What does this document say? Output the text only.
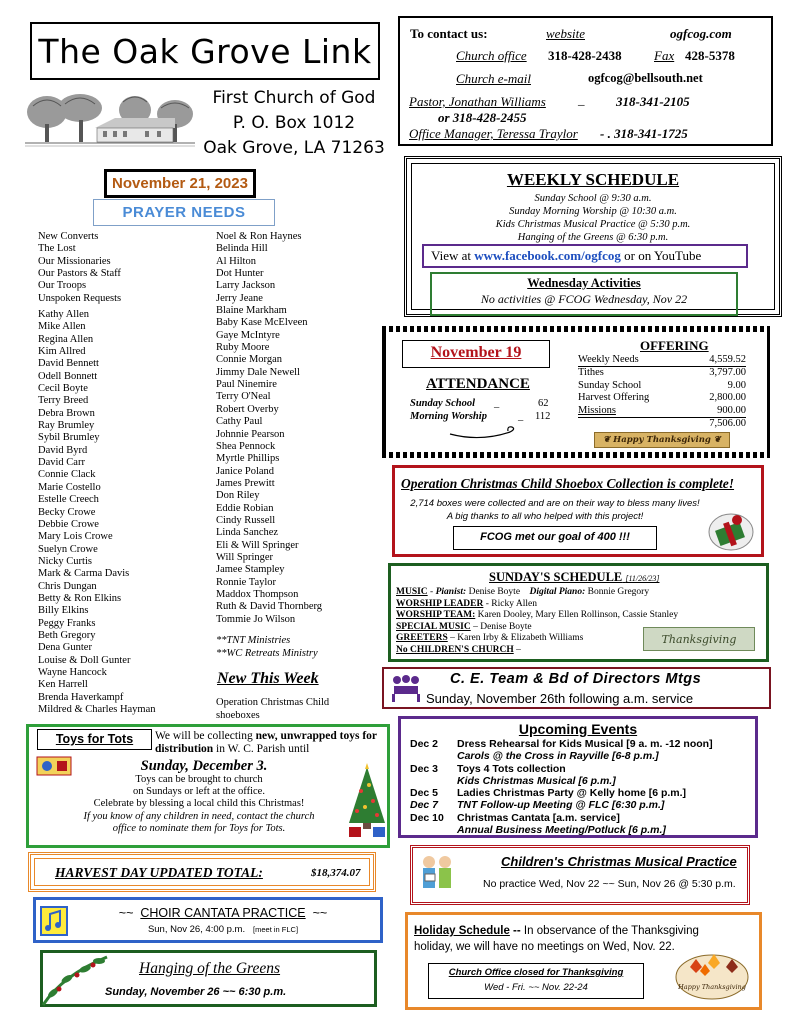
The Oak Grove Link
First Church of God
P. O. Box 1012
Oak Grove, LA 71263
To contact us:	website	ogfcog.com
Church office 318-428-2438 Fax 428-5378
Church e-mail	ogfcog@bellsouth.net
Pastor, Jonathan Williams _ 318-341-2105
or 318-428-2455
Office Manager, Teressa Traylor - . 318-341-1725
November 21, 2023
PRAYER NEEDS
New Converts
The Lost
Our Missionaries
Our Pastors & Staff
Our Troops
Unspoken Requests
Kathy Allen
Mike Allen
Regina Allen
Kim Allred
David Bennett
Odell Bonnett
Cecil Boyte
Terry Breed
Debra Brown
Ray Brumley
Sybil Brumley
David Byrd
David Carr
Connie Clack
Marie Costello
Estelle Creech
Becky Crowe
Debbie Crowe
Mary Lois Crowe
Suelyn Crowe
Nicky Curtis
Mark & Carma Davis
Chris Dungan
Betty & Ron Elkins
Billy Elkins
Peggy Franks
Beth Gregory
Dena Gunter
Louise & Doll Gunter
Wayne Hancock
Ken Harrell
Brenda Haverkampf
Mildred & Charles Hayman
Noel & Ron Haynes
Belinda Hill
Al Hilton
Dot Hunter
Larry Jackson
Jerry Jeane
Blaine Markham
Baby Kase McElveen
Gaye McIntyre
Ruby Moore
Connie Morgan
Jimmy Dale Newell
Paul Ninemire
Terry O'Neal
Robert Overby
Cathy Paul
Johnnie Pearson
Shea Pennock
Myrtle Phillips
Janice Poland
James Prewitt
Don Riley
Eddie Robian
Cindy Russell
Linda Sanchez
Eli & Will Springer
Will Springer
Jamee Stampley
Ronnie Taylor
Maddox Thompson
Ruth & David Thornberg
Tommie Jo Wilson
**TNT Ministries
**WC Retreats Ministry
New This Week
Operation Christmas Child shoeboxes
WEEKLY SCHEDULE
Sunday School @ 9:30 a.m.
Sunday Morning Worship @ 10:30 a.m.
Kids Christmas Musical Practice @ 5:30 p.m.
Hanging of the Greens @ 6:30 p.m.
View at www.facebook.com/ogfcog or on YouTube
Wednesday Activities
No activities @ FCOG Wednesday, Nov 22
November 19
ATTENDANCE
Sunday School _	62
Morning Worship	_ 112
OFFERING
Weekly Needs	4,559.52
Tithes	3,797.00
Sunday School	9.00
Harvest Offering	2,800.00
Missions	900.00

7,506.00
❦ Happy Thanksgiving ❦
Operation Christmas Child Shoebox Collection is complete!
2,714 boxes were collected and are on their way to bless many lives!
A big thanks to all who helped with this project!
FCOG met our goal of 400 !!!
SUNDAY'S SCHEDULE [11/26/23]
MUSIC - Pianist: Denise Boyte Digital Piano: Bonnie Gregory
WORSHIP LEADER - Ricky Allen
WORSHIP TEAM: Karen Dooley, Mary Ellen Rollinson, Cassie Stanley
SPECIAL MUSIC – Denise Boyte
GREETERS – Karen Irby & Elizabeth Williams
No CHILDREN'S CHURCH –
Thanksgiving
C. E. Team & Bd of Directors Mtgs
Sunday, November 26th following a.m. service
Upcoming Events
Dec 2	Dress Rehearsal for Kids Musical [9 a. m. -12 noon]
Carols @ the Cross in Rayville [6-8 p.m.]
Dec 3	Toys 4 Tots collection
Kids Christmas Musical [6 p.m.]
Dec 5	Ladies Christmas Party @ Kelly home [6 p.m.]
Dec 7	TNT Follow-up Meeting @ FLC [6:30 p.m.]
Dec 10	Christmas Cantata [a.m. service]
Annual Business Meeting/Potluck [6 p.m.]
Toys for Tots	We will be collecting new, unwrapped toys for distribution in W. C. Parish until
Sunday, December 3.
Toys can be brought to church
on Sundays or left at the office.
Celebrate by blessing a local child this Christmas!
If you know of any children in need, contact the church
office to nominate them for Toys for Tots.
Children's Christmas Musical Practice
No practice Wed, Nov 22 ~~ Sun, Nov 26 @ 5:30 p.m.
HARVEST DAY UPDATED TOTAL:	$18,374.07
~~  CHOIR CANTATA PRACTICE  ~~
Sun, Nov 26, 4:00 p.m. [meet in FLC]
Hanging of the Greens
Sunday, November 26 ~~ 6:30 p.m.
Holiday Schedule -- In observance of the Thanksgiving
holiday, we will have no meetings on Wed, Nov. 22.
Church Office closed for Thanksgiving
Wed - Fri. ~~ Nov. 22-24	Happy Thanksgiving
